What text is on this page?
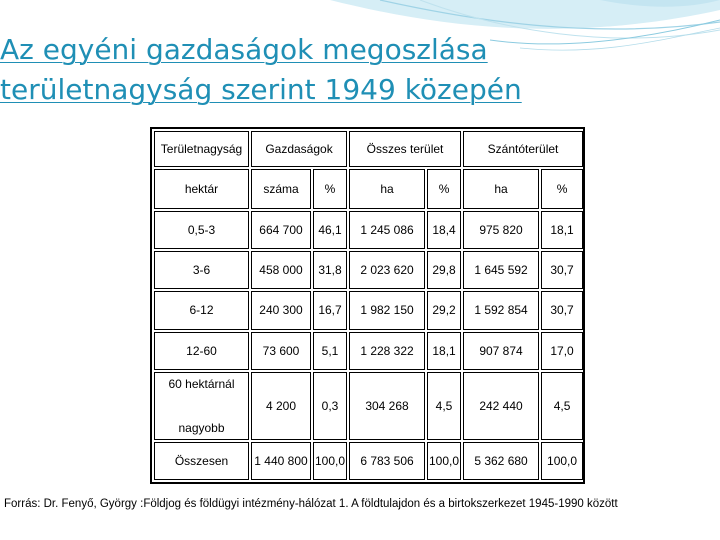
Az egyéni gazdaságok megoszlása
területnagyság szerint 1949 közepén
Területnagyság	Gazdaságok		Összes terület		Szántóterület	
hektár	száma	%	ha	%	ha	%
0,5-3	664 700	46,1	1 245 086	18,4	975 820	18,1
3-6	458 000	31,8	2 023 620	29,8	1 645 592	30,7
6-12	240 300	16,7	1 982 150	29,2	1 592 854	30,7
12-60	73 600	5,1	1 228 322	18,1	907 874	17,0

60 hektárnál
nagyobb	4 200	0,3	304 268	4,5	242 440	4,5
Összesen	1 440 800	100,0	6 783 506	100,0	5 362 680	100,0
Forrás: Dr. Fenyő, György :Földjog és földügyi intézmény-hálózat 1. A földtulajdon és a birtokszerkezet 1945-1990 között
